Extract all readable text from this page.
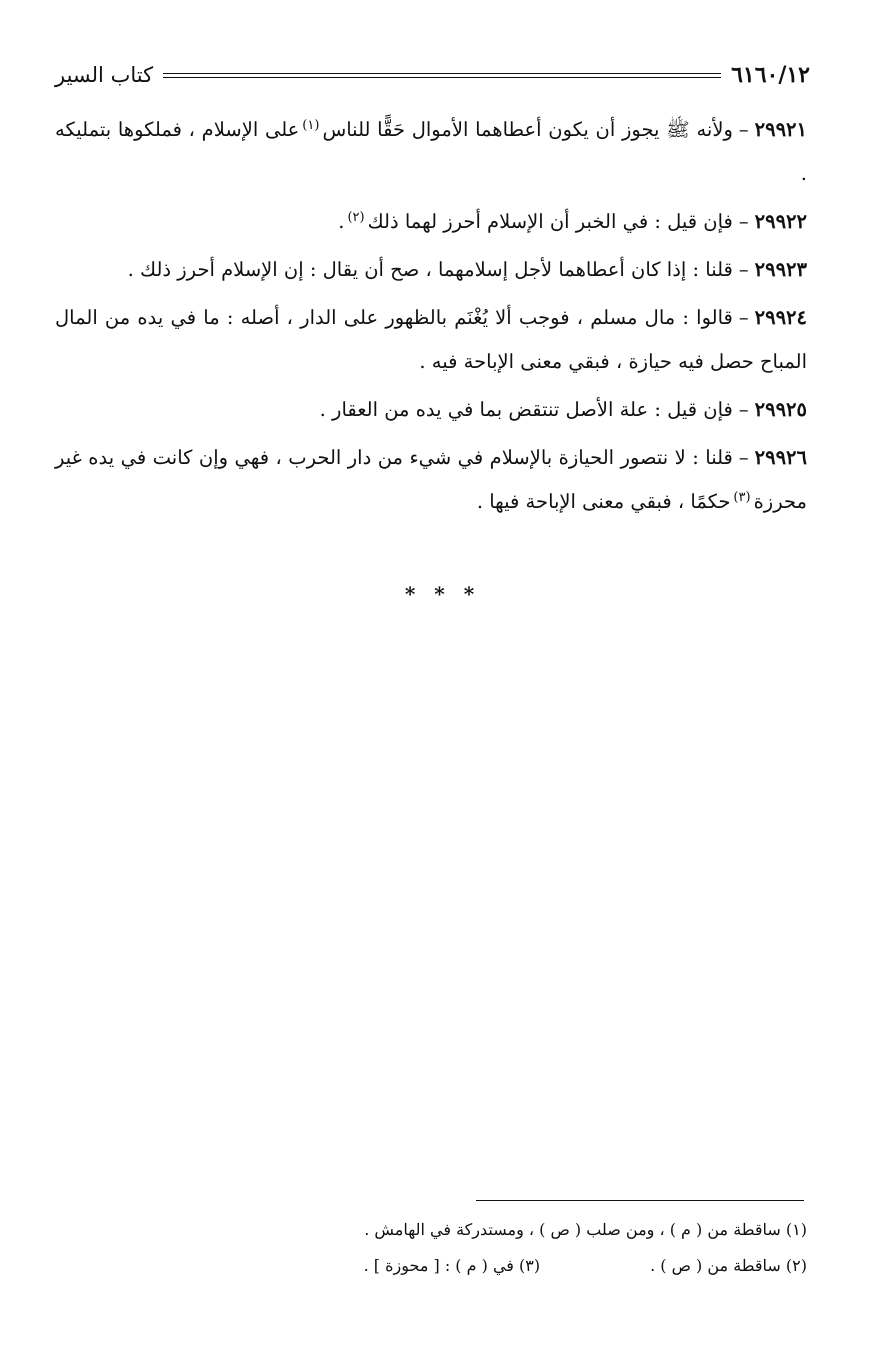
٦١٦٠/١٢
كتاب السير

٢٩٩٢١–ولأنه ﷺ يجوز أن يكون أعطاهما الأموال حَقًّا للناس$^{(١)}$على الإسلام ، فملكوها بتمليكه .

٢٩٩٢٢–فإن قيل : في الخبر أن الإسلام أحرز لهما ذلك$^{(٢)}$.

٢٩٩٢٣–قلنا : إذا كان أعطاهما لأجل إسلامهما ، صح أن يقال : إن الإسلام أحرز ذلك .

٢٩٩٢٤–قالوا : مال مسلم ، فوجب ألا يُغْنَم بالظهور على الدار ، أصله : ما في يده من المال المباح حصل فيه حيازة ، فبقي معنى الإباحة فيه .

٢٩٩٢٥–فإن قيل : علة الأصل تنتقض بما في يده من العقار .

٢٩٩٢٦–قلنا : لا نتصور الحيازة بالإسلام في شيء من دار الحرب ، فهي وإن كانت في يده غير محرزة$^{(٣)}$حكمًا ، فبقي معنى الإباحة فيها .

* * *
(١) ساقطة من ( م ) ، ومن صلب ( ص ) ، ومستدركة في الهامش .
(٢) ساقطة من ( ص ) .
(٣) في ( م ) : [ محوزة ] .
